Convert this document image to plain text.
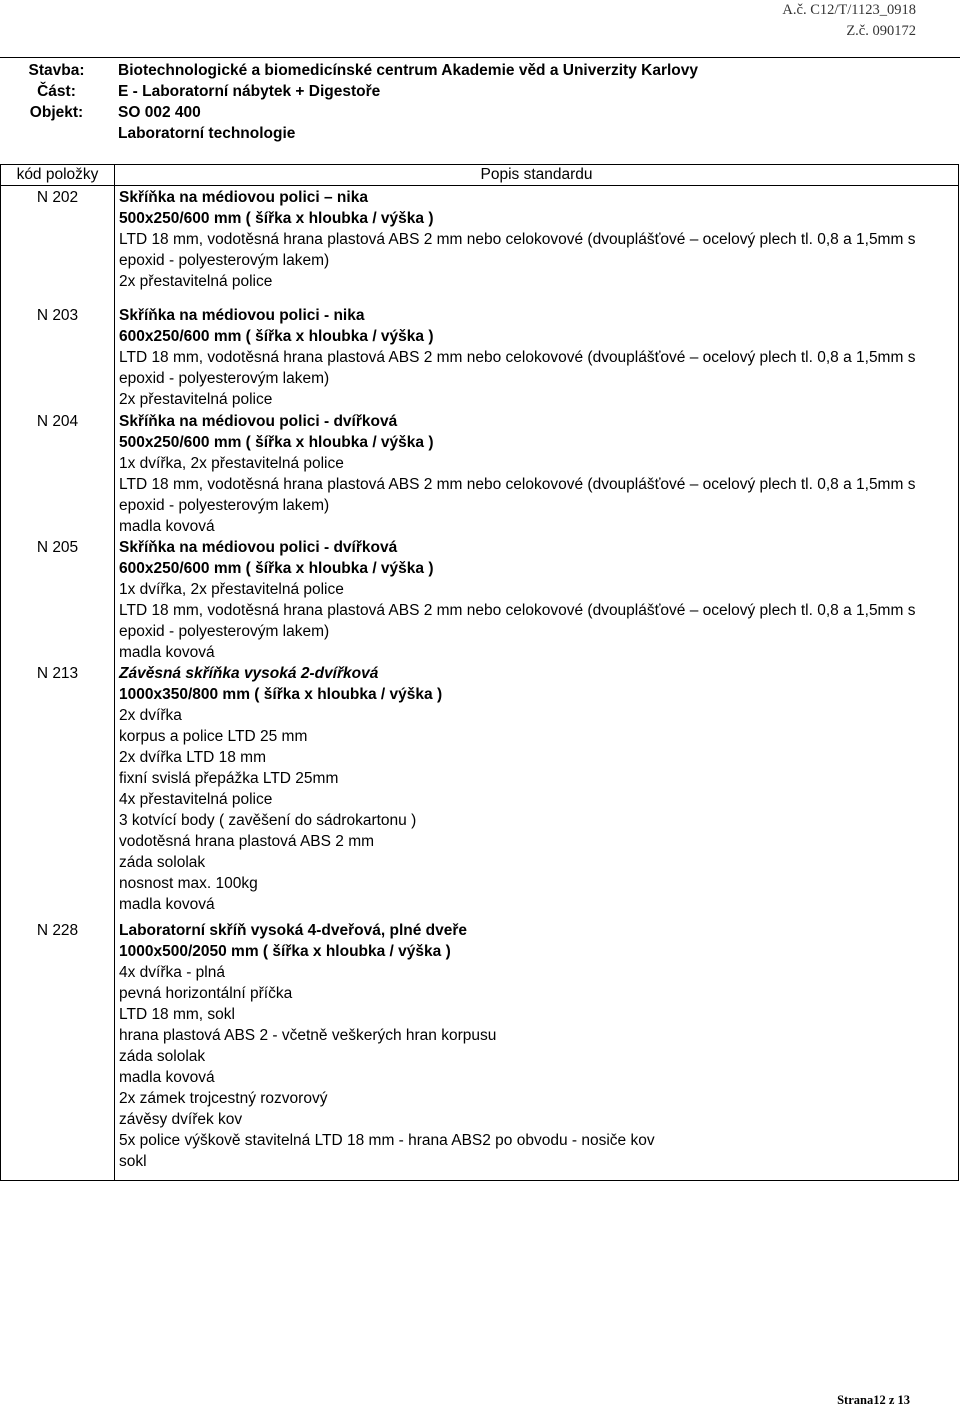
A.č. C12/T/1123_0918
Z.č. 090172
Stavba:	Biotechnologické a biomedicínské centrum Akademie věd a Univerzity Karlovy
Část:	E - Laboratorní nábytek + Digestoře
Objekt:	SO 002 400
Laboratorní technologie
kód položky	Popis standardu
N 202	Skříňka na médiovou polici – nika
500x250/600 mm ( šířka x hloubka / výška )
LTD 18 mm, vodotěsná hrana plastová ABS 2 mm nebo celokovové (dvouplášťové – ocelový plech tl. 0,8 a 1,5mm s epoxid - polyesterovým lakem)
2x přestavitelná police
N 203	Skříňka na médiovou polici - nika
600x250/600 mm ( šířka x hloubka / výška )
LTD 18 mm, vodotěsná hrana plastová ABS 2 mm nebo celokovové (dvouplášťové – ocelový plech tl. 0,8 a 1,5mm s epoxid - polyesterovým lakem)
2x přestavitelná police
N 204	Skříňka na médiovou polici - dvířková
500x250/600 mm ( šířka x hloubka / výška )
1x dvířka, 2x přestavitelná police
LTD 18 mm, vodotěsná hrana plastová ABS 2 mm nebo celokovové (dvouplášťové – ocelový plech tl. 0,8 a 1,5mm s epoxid - polyesterovým lakem)
madla kovová
N 205	Skříňka na médiovou polici - dvířková
600x250/600 mm ( šířka x hloubka / výška )
1x dvířka, 2x přestavitelná police
LTD 18 mm, vodotěsná hrana plastová ABS 2 mm nebo celokovové (dvouplášťové – ocelový plech tl. 0,8 a 1,5mm s epoxid - polyesterovým lakem)
madla kovová
N 213	Závěsná skříňka vysoká 2-dvířková
1000x350/800 mm ( šířka x hloubka / výška )
2x dvířka
korpus a police LTD 25 mm
2x dvířka LTD 18 mm
fixní svislá přepážka LTD 25mm
4x přestavitelná police
3 kotvící body ( zavěšení do sádrokartonu )
vodotěsná hrana plastová ABS 2 mm
záda sololak
nosnost max. 100kg
madla kovová
N 228	Laboratorní skříň vysoká 4-dveřová, plné dveře
1000x500/2050 mm ( šířka x hloubka / výška )
4x dvířka - plná
pevná horizontální příčka
LTD 18 mm, sokl
hrana plastová ABS 2 - včetně veškerých hran korpusu
záda sololak
madla kovová
2x zámek trojcestný rozvorový
závěsy dvířek kov
5x police výškově stavitelná LTD 18 mm - hrana ABS2 po obvodu - nosiče kov
sokl
Strana12 z 13
